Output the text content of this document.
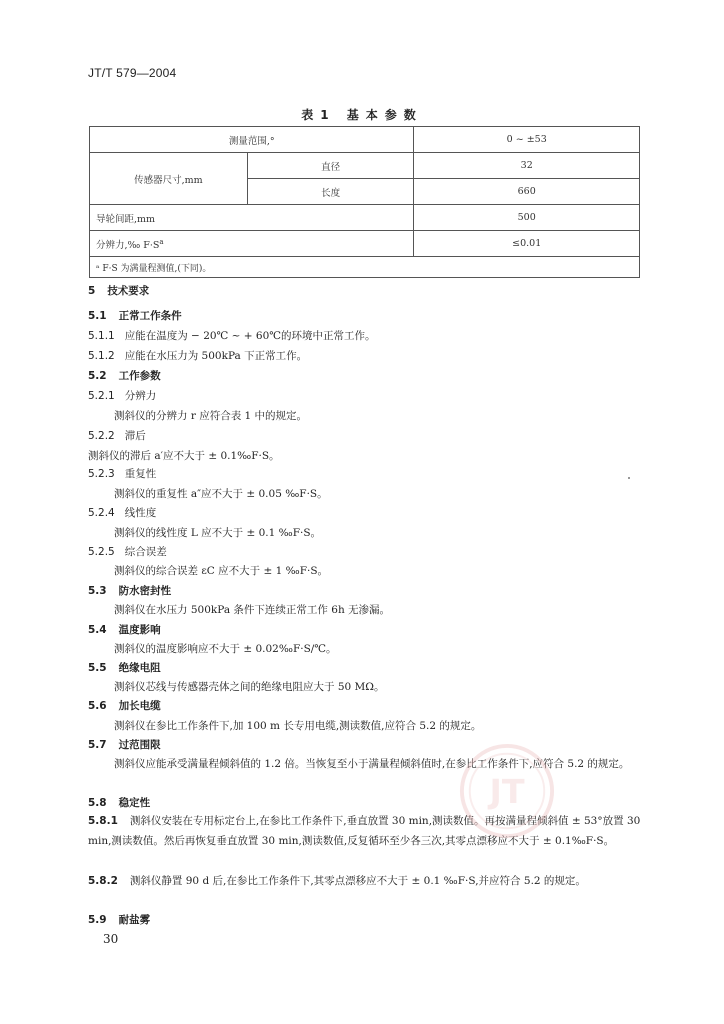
JT/T 579—2004
表1 基本参数
测量范围,°		0 ~ ±53
传感器尺寸,mm	直径	32
	长度	660
导轮间距,mm		500
分辨力,‰ $F\cdot S^a$		≤0.01
ᵃ F·S 为满量程测值,(下同)。		
5 技术要求
5.1 正常工作条件
5.1.1 应能在温度为 − 20℃ ~ + 60℃的环境中正常工作。
5.1.2 应能在水压力为 500kPa 下正常工作。
5.2 工作参数
5.2.1 分辨力
测斜仪的分辨力 r 应符合表 1 中的规定。
5.2.2 滞后
测斜仪的滞后 a′应不大于 ± 0.1‰F·S。
5.2.3 重复性
测斜仪的重复性 a″应不大于 ± 0.05 ‰F·S。
5.2.4 线性度
测斜仪的线性度 L 应不大于 ± 0.1 ‰F·S。
5.2.5 综合误差
测斜仪的综合误差 εC 应不大于 ± 1 ‰F·S。
5.3 防水密封性
测斜仪在水压力 500kPa 条件下连续正常工作 6h 无渗漏。
5.4 温度影响
测斜仪的温度影响应不大于 ± 0.02‰F·S/℃。
5.5 绝缘电阻
测斜仪芯线与传感器壳体之间的绝缘电阻应大于 50 MΩ。
5.6 加长电缆
测斜仪在参比工作条件下,加 100 m 长专用电缆,测读数值,应符合 5.2 的规定。
5.7 过范围限
测斜仪应能承受满量程倾斜值的 1.2 倍。当恢复至小于满量程倾斜值时,在参比工作条件下,应符合 5.2 的规定。
5.8 稳定性
5.8.1 测斜仪安装在专用标定台上,在参比工作条件下,垂直放置 30 min,测读数值。再按满量程倾斜值 ± 53°放置 30 min,测读数值。然后再恢复垂直放置 30 min,测读数值,反复循环至少各三次,其零点漂移应不大于 ± 0.1‰F·S。
5.8.2 测斜仪静置 90 d 后,在参比工作条件下,其零点漂移应不大于 ± 0.1 ‰F·S,并应符合 5.2 的规定。
5.9 耐盐雾
30
JT
